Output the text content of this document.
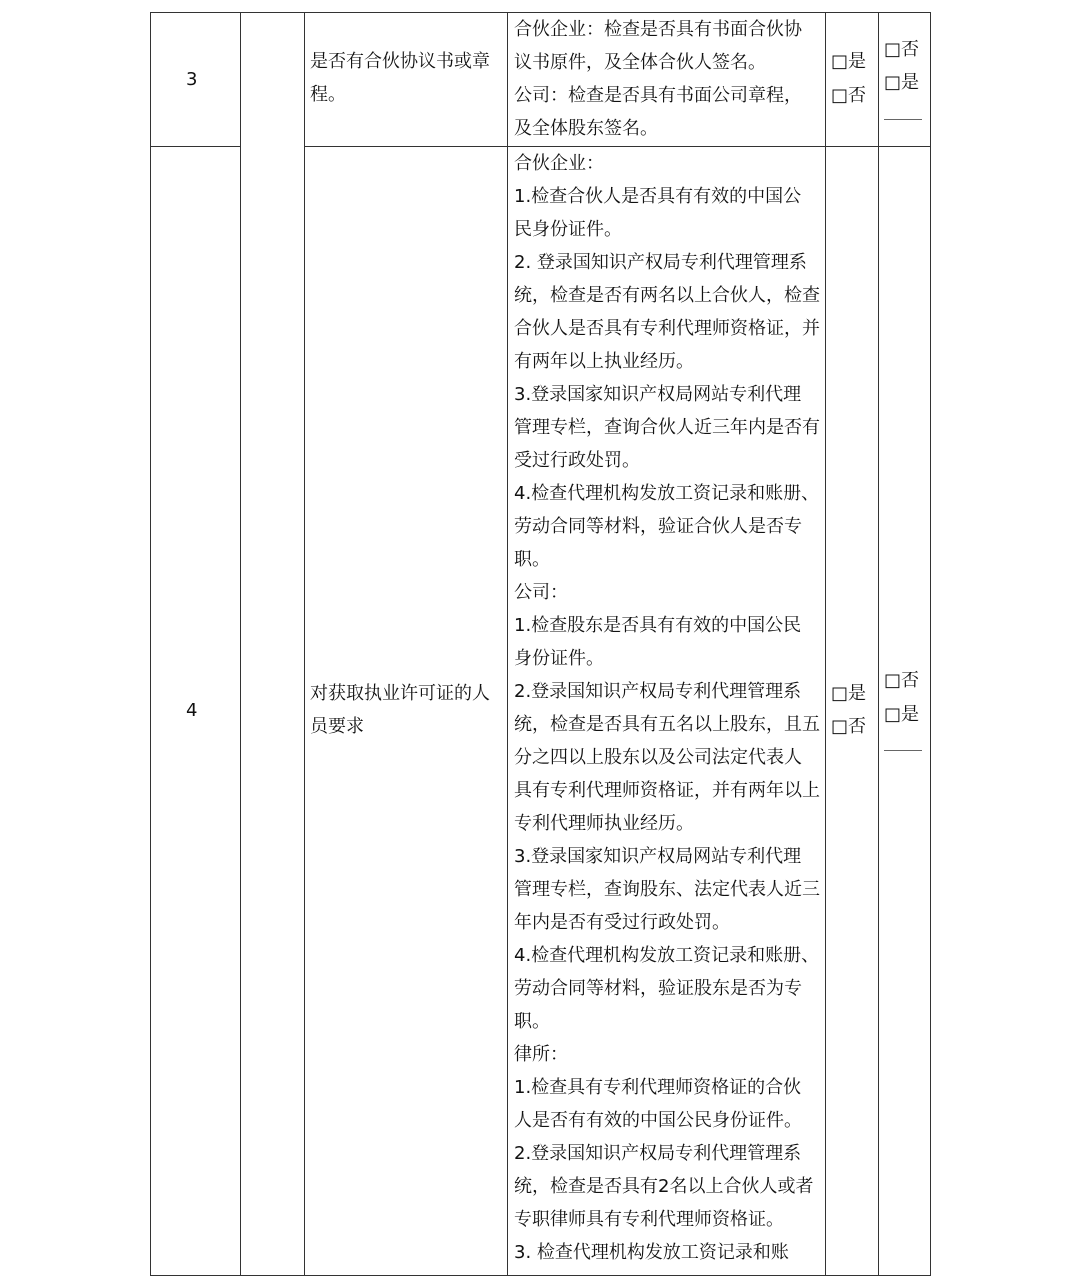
3
是否有合伙协议书或章
程。
合伙企业：检查是否具有书面合伙协
议书原件，及全体合伙人签名。
公司：检查是否具有书面公司章程，
及全体股东签名。
□是
□否
□否
□是
4
对获取执业许可证的人
员要求
合伙企业：
1.检查合伙人是否具有有效的中国公
民身份证件。
2. 登录国知识产权局专利代理管理系
统，检查是否有两名以上合伙人，检查
合伙人是否具有专利代理师资格证，并
有两年以上执业经历。
3.登录国家知识产权局网站专利代理
管理专栏，查询合伙人近三年内是否有
受过行政处罚。
4.检查代理机构发放工资记录和账册、
劳动合同等材料，验证合伙人是否专
职。
公司：
1.检查股东是否具有有效的中国公民
身份证件。
2.登录国知识产权局专利代理管理系
统，检查是否具有五名以上股东，且五
分之四以上股东以及公司法定代表人
具有专利代理师资格证，并有两年以上
专利代理师执业经历。
3.登录国家知识产权局网站专利代理
管理专栏，查询股东、法定代表人近三
年内是否有受过行政处罚。
4.检查代理机构发放工资记录和账册、
劳动合同等材料，验证股东是否为专
职。
律所：
1.检查具有专利代理师资格证的合伙
人是否有有效的中国公民身份证件。
2.登录国知识产权局专利代理管理系
统，检查是否具有2名以上合伙人或者
专职律师具有专利代理师资格证。
3. 检查代理机构发放工资记录和账
□是
□否
□否
□是
